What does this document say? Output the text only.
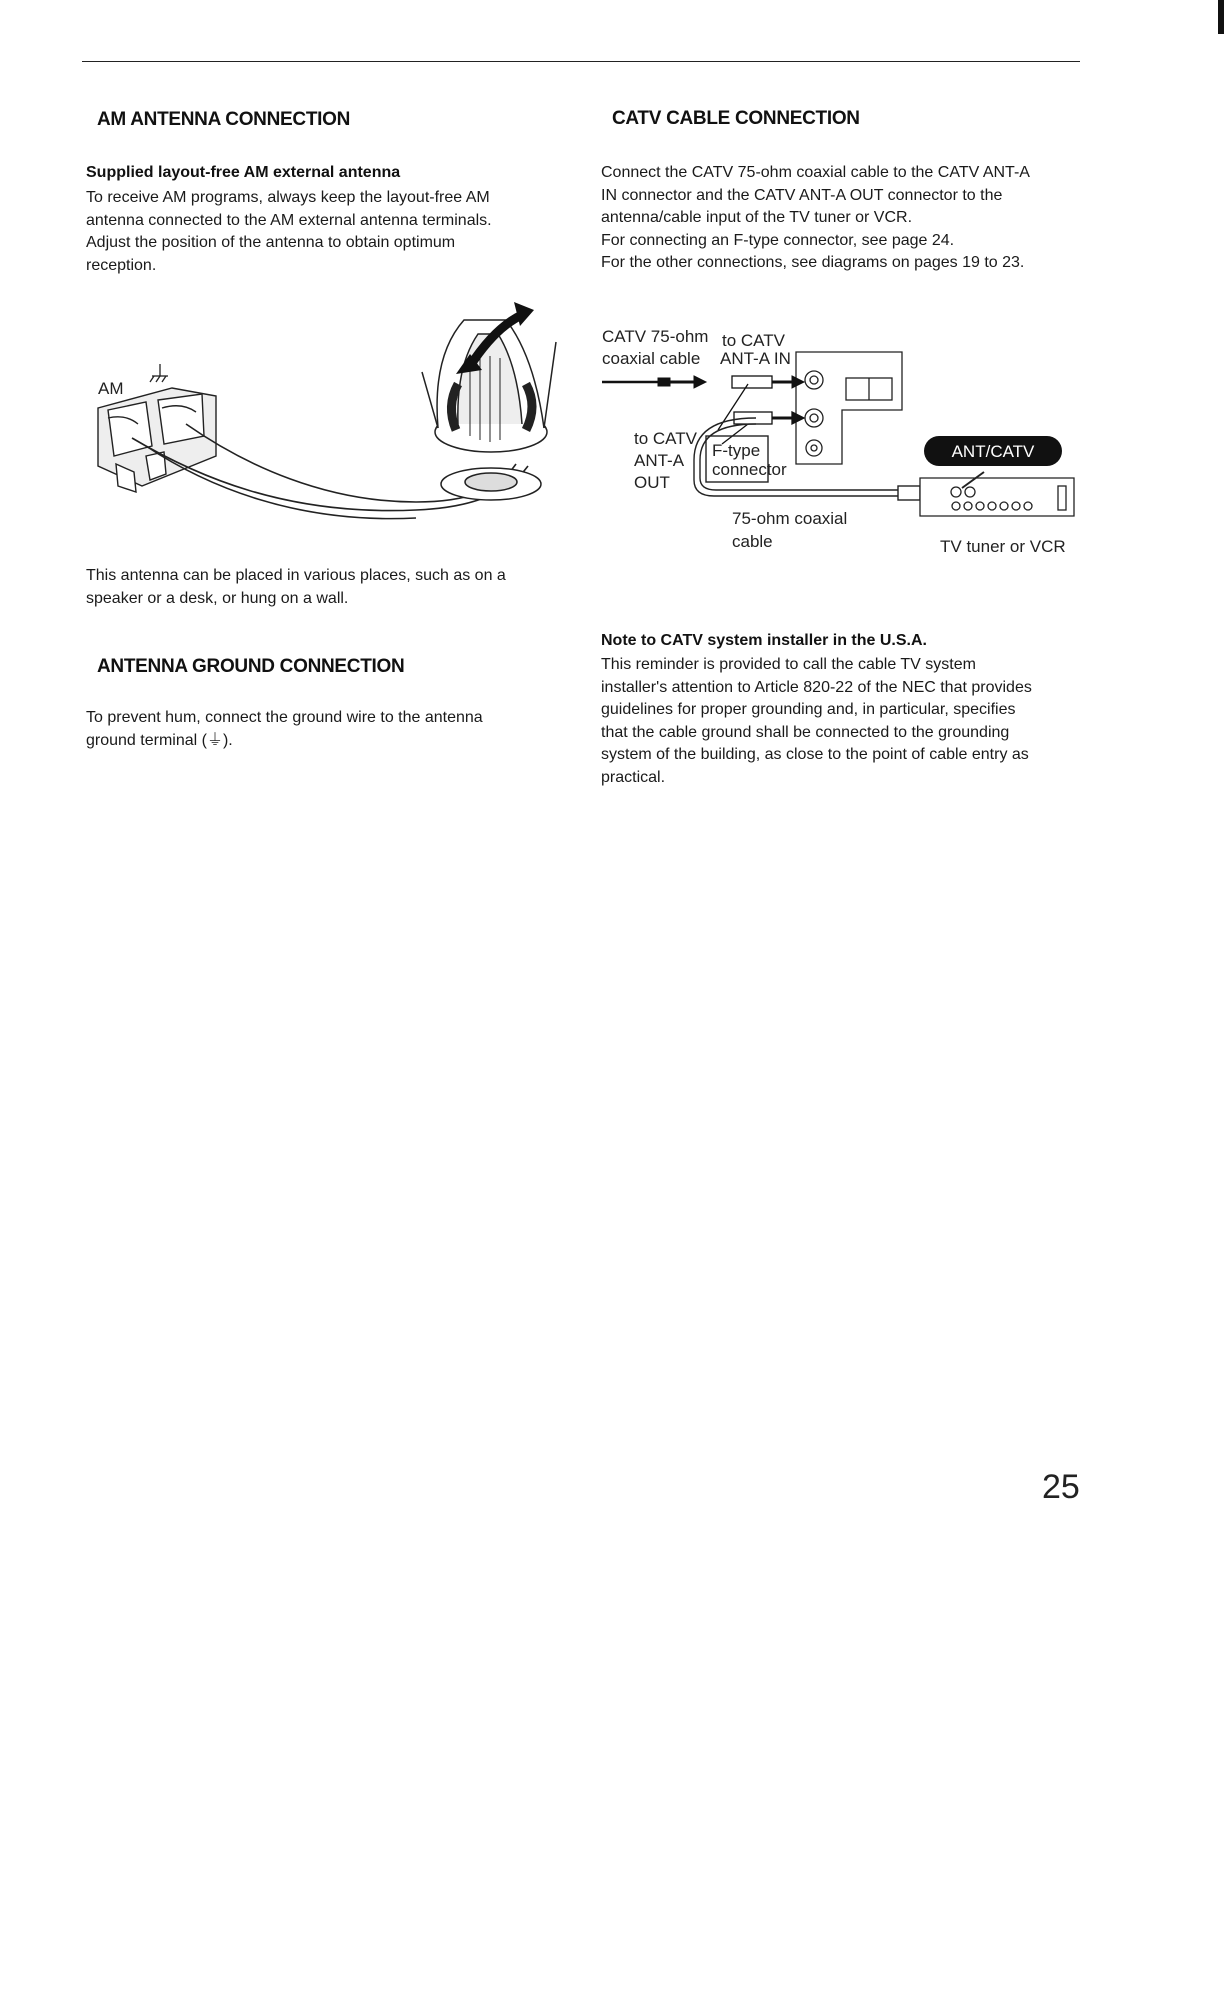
AM ANTENNA CONNECTION
Supplied layout-free AM external antenna
To receive AM programs, always keep the layout-free AM
antenna connected to the AM external antenna terminals.
Adjust the position of the antenna to obtain optimum
reception.
AM
This antenna can be placed in various places, such as on a
speaker or a desk, or hung on a wall.
ANTENNA GROUND CONNECTION
To prevent hum, connect the ground wire to the antenna
ground terminal (⏚).
CATV CABLE CONNECTION
Connect the CATV 75-ohm coaxial cable to the CATV ANT-A
IN connector and the CATV ANT-A OUT connector to the
antenna/cable input of the TV tuner or VCR.
For connecting an F-type connector, see page 24.
For the other connections, see diagrams on pages 19 to 23.
CATV 75-ohm
coaxial cable
to CATV
ANT-A IN
to CATV
ANT-A
OUT
F-type
connector
75-ohm coaxial
cable	TV tuner or VCR
ANT/CATV
Note to CATV system installer in the U.S.A.
This reminder is provided to call the cable TV system
installer's attention to Article 820-22 of the NEC that provides
guidelines for proper grounding and, in particular, specifies
that the cable ground shall be connected to the grounding
system of the building, as close to the point of cable entry as
practical.
25
